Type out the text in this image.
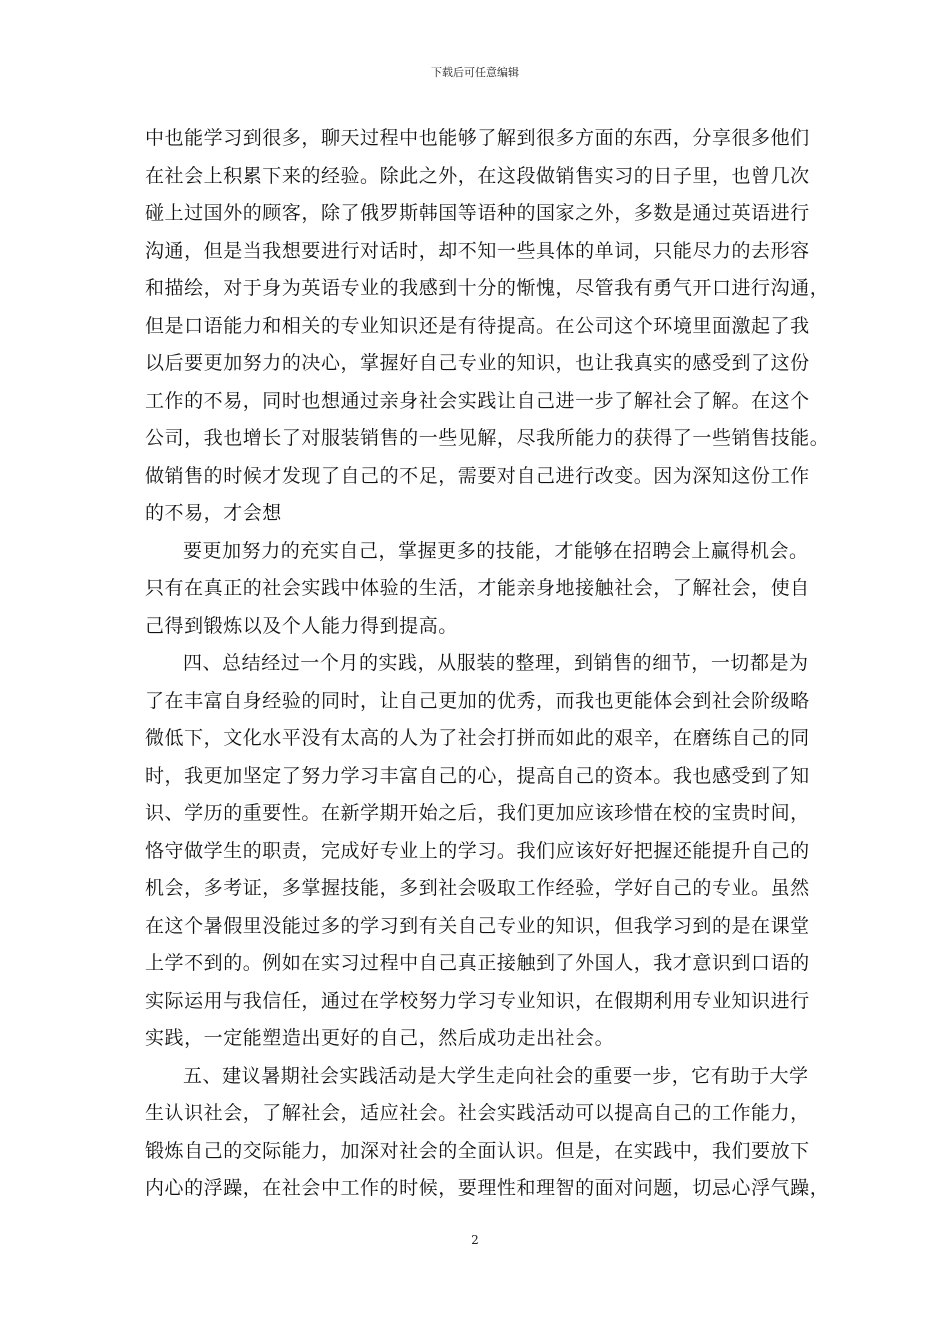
下载后可任意编辑
中也能学习到很多，聊天过程中也能够了解到很多方面的东西，分享很多他们
在社会上积累下来的经验。除此之外，在这段做销售实习的日子里，也曾几次
碰上过国外的顾客，除了俄罗斯韩国等语种的国家之外，多数是通过英语进行
沟通，但是当我想要进行对话时，却不知一些具体的单词，只能尽力的去形容
和描绘，对于身为英语专业的我感到十分的惭愧，尽管我有勇气开口进行沟通，
但是口语能力和相关的专业知识还是有待提高。在公司这个环境里面激起了我
以后要更加努力的决心，掌握好自己专业的知识，也让我真实的感受到了这份
工作的不易，同时也想通过亲身社会实践让自己进一步了解社会了解。在这个
公司，我也增长了对服装销售的一些见解，尽我所能力的获得了一些销售技能。
做销售的时候才发现了自己的不足，需要对自己进行改变。因为深知这份工作
的不易，才会想
要更加努力的充实自己，掌握更多的技能，才能够在招聘会上赢得机会。
只有在真正的社会实践中体验的生活，才能亲身地接触社会，了解社会，使自
己得到锻炼以及个人能力得到提高。
四、总结经过一个月的实践，从服装的整理，到销售的细节，一切都是为
了在丰富自身经验的同时，让自己更加的优秀，而我也更能体会到社会阶级略
微低下，文化水平没有太高的人为了社会打拼而如此的艰辛，在磨练自己的同
时，我更加坚定了努力学习丰富自己的心，提高自己的资本。我也感受到了知
识、学历的重要性。在新学期开始之后，我们更加应该珍惜在校的宝贵时间，
恪守做学生的职责，完成好专业上的学习。我们应该好好把握还能提升自己的
机会，多考证，多掌握技能，多到社会吸取工作经验，学好自己的专业。虽然
在这个暑假里没能过多的学习到有关自己专业的知识，但我学习到的是在课堂
上学不到的。例如在实习过程中自己真正接触到了外国人，我才意识到口语的
实际运用与我信任，通过在学校努力学习专业知识，在假期利用专业知识进行
实践，一定能塑造出更好的自己，然后成功走出社会。
五、建议暑期社会实践活动是大学生走向社会的重要一步，它有助于大学
生认识社会，了解社会，适应社会。社会实践活动可以提高自己的工作能力，
锻炼自己的交际能力，加深对社会的全面认识。但是，在实践中，我们要放下
内心的浮躁，在社会中工作的时候，要理性和理智的面对问题，切忌心浮气躁，
2
